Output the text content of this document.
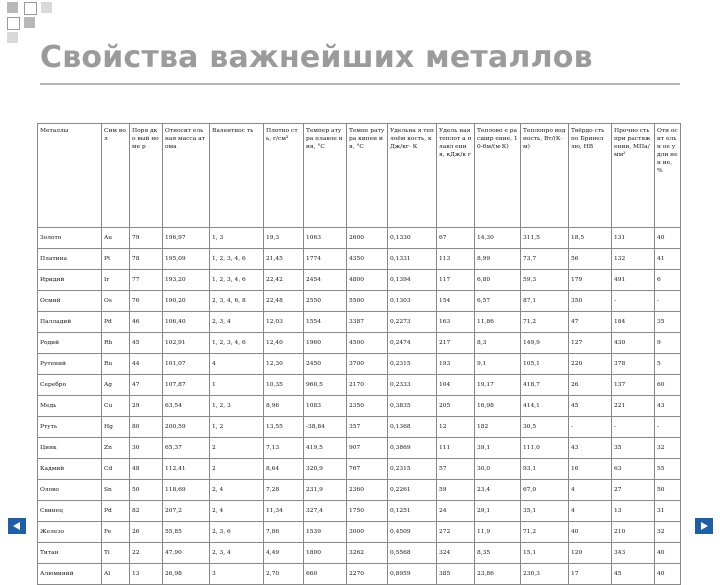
Свойства важнейших металлов
Металлы	Сим вол	Поря дкo вый номе р	Относит ельная масса атома	Валентнос ть	Плотно сть, г/см³	Темпер атура плавле ния, °С	Темпе ратура кипен ия, °С	Удельна я теплоём кость, кДж/кг· К	Удель ная теплот а плавл ения, кДж/к г	Теплово е расшир ение, 10-6м/(м·К)	Теплопро водность, Вт/(К·м)	Твёрдо сть по Бринел лю, НВ	Прочно стьпри растяж ении, МПа/мм²	Отн осит ельн ое удли нен ие, %
Золото	Au	79	196,97	1, 3	19,3	1063	2600	0,1330	67	14,30	311,5	18,5	131	40
Платина	Pt	78	195,09	1, 2, 3, 4, 6	21,45	1774	4350	0,1331	113	8,99	73,7	56	132	41
Иридий	Ir	77	193,20	1, 2, 3, 4, 6	22,42	2454	4800	0,1394	117	6,80	59,3	179	491	6
Осмий	Os	76	190,20	2, 3, 4, 6, 8	22,48	2550	5500	0,1303	154	6,57	87,1	350	-	-
Палладий	Pd	46	106,40	2, 3, 4	12,03	1554	3387	0,2273	163	11,86	71,2	47	184	35
Родий	Rh	45	102,91	1, 2, 3, 4, 6	12,40	1960	4500	0,2474	217	8,3	149,9	127	430	9
Рутений	Ru	44	101,07	4	12,30	2450	3700	0,2315	193	9,1	105,1	220	378	5
Серебро	Ag	47	107,87	1	10,35	960,5	2170	0,2333	104	19,17	418,7	26	137	60
Медь	Cu	29	63,54	1, 2, 3	8,96	1083	2350	0,3835	205	16,98	414,1	45	221	43
Ртуть	Hg	80	200,59	1, 2	13,55	-38,84	357	0,1368	12	182	30,5	-	-	-
Цинк	Zn	30	65,37	2	7,13	419,5	907	0,3869	111	39,1	111,0	43	35	32
Кадмий	Cd	48	112,41	2	8,64	320,9	767	0,2315	57	30,0	93,1	16	63	55
Олово	Sn	50	118,69	2, 4	7,28	231,9	2360	0,2261	59	23,4	67,0	4	27	50
Свинец	Pd	82	207,2	2, 4	11,34	327,4	1750	0,1251	24	29,1	35,1	4	13	31
Железо	Fe	26	55,85	2, 3, 6	7,86	1539	3000	0,4509	272	11,9	71,2	40	210	32
Титан	Ti	22	47,90	2, 3, 4	4,49	1800	3262	0,5568	324	8,35	15,1	120	343	40
Алюминий	Al	13	26,98	3	2,70	660	2270	0,8959	385	23,86	230,3	17	45	40
